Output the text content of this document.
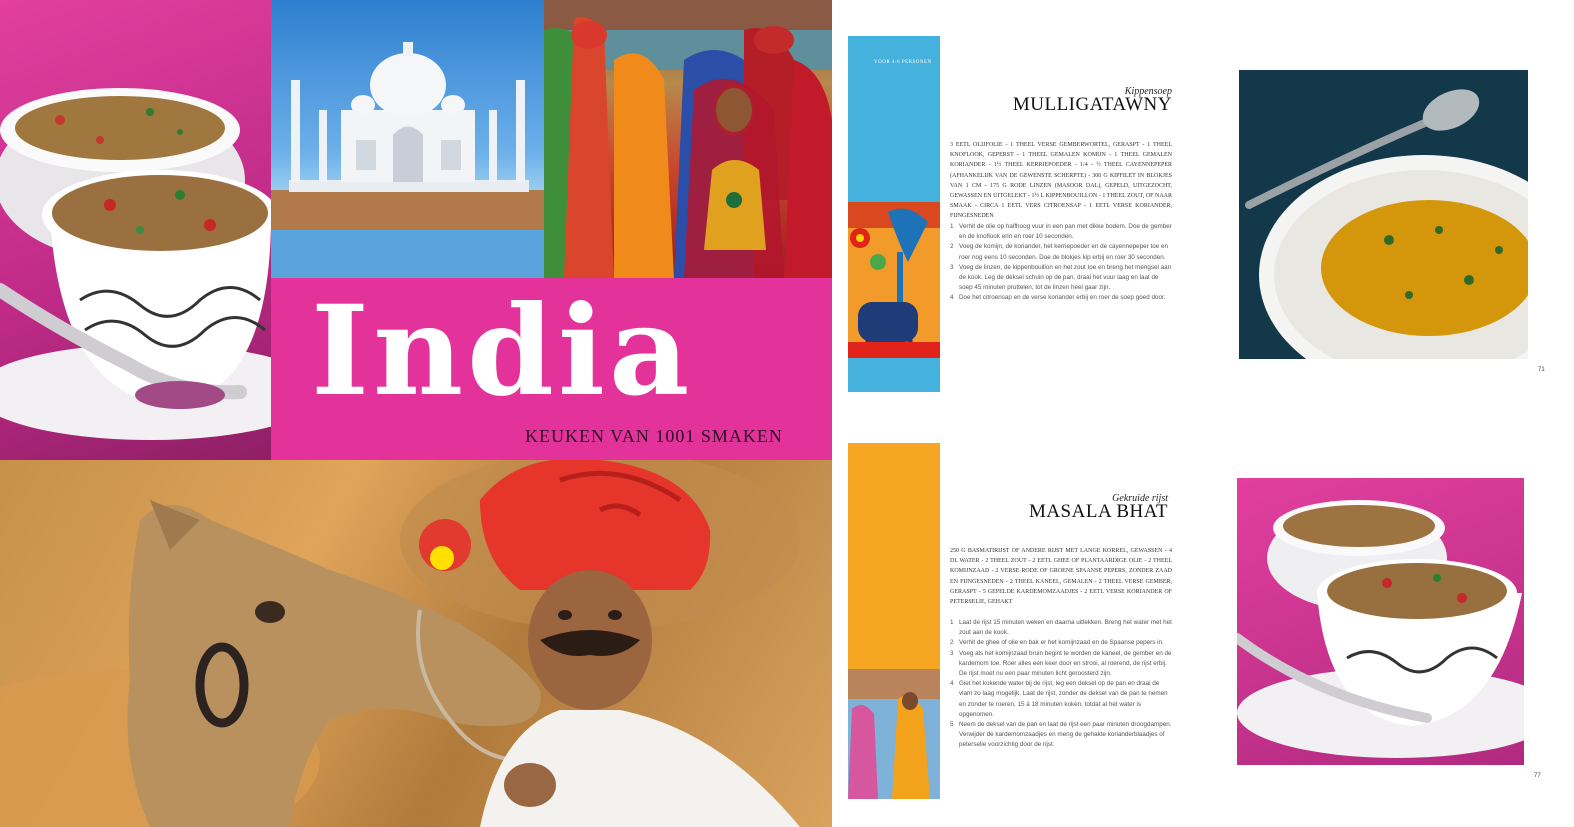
India
KEUKEN VAN 1001 SMAKEN
VOOR 4-6 PERSONEN
Kippensoep
MULLIGATAWNY
3 EETL OLIJFOLIE - 1 THEEL VERSE GEMBERWORTEL, GERASPT - 1 THEEL KNOFLOOK, GEPERST - 1 THEEL GEMALEN KOMIJN - 1 THEEL GEMALEN KORIANDER - 1½ THEEL KERRIEPOEDER - 1/4 - ½ THEEL CAYENNEPEPER (AFHANKELIJK VAN DE GEWENSTE SCHERPTE) - 300 G KIPFILET IN BLOKJES VAN 1 CM - 175 G RODE LINZEN (MASOOR DAL), GEPELD, UITGEZOCHT, GEWASSEN EN UITGELEKT - 1½ L KIPPENBOUILLON - 1 THEEL ZOUT, OF NAAR SMAAK - CIRCA 1 EETL VERS CITROENSAP - 1 EETL VERSE KORIANDER, FIJNGESNEDEN
1 Verhit de olie op halfhoog vuur in een pan met dikke bodem. Doe de gember en de knoflook erin en roer 10 seconden.
2 Voeg de komijn, de koriander, het kerriepoeder en de cayennepeper toe en roer nog eens 10 seconden. Doe de blokjes kip erbij en roer 30 seconden.
3 Voeg de linzen, de kippenbouillon en het zout toe en breng het mengsel aan de kook. Leg de deksel schuin op de pan, draai het vuur laag en laat de soep 45 minuten pruttelen, tot de linzen heel gaar zijn.
4 Doe het citroensap en de verse koriander erbij en roer de soep goed door.
71
Gekruide rijst
MASALA BHAT
250 G BASMATIRIJST OF ANDERE RIJST MET LANGE KORREL, GEWASSEN - 4 DL WATER - 2 THEEL ZOUT - 2 EETL GHEE OF PLANTAARDIGE OLIE - 2 THEEL KOMIJNZAAD - 2 VERSE RODE OF GROENE SPAANSE PEPERS, ZONDER ZAAD EN FIJNGESNEDEN - 2 THEEL KANEEL, GEMALEN - 2 THEEL VERSE GEMBER, GERASPT - 5 GEPELDE KARDEMOMZAADJES - 2 EETL VERSE KORIANDER OF PETERSELIE, GEHAKT
1 Laat de rijst 15 minuten weken en daarna uitlekken. Breng het water met het zout aan de kook.
2 Verhit de ghee of olie en bak er het komijnzaad en de Spaanse pepers in.
3 Voeg als het komijnzaad bruin begint te worden de kaneel, de gember en de kardemom toe. Roer alles een keer door en strooi, al roerend, de rijst erbij. De rijst moet nu een paar minuten licht geroosterd zijn.
4 Giet het kokende water bij de rijst, leg een deksel op de pan en draai de vlam zo laag mogelijk. Laat de rijst, zonder de deksel van de pan te nemen en zonder te roeren, 15 à 18 minuten koken, totdat al het water is opgenomen.
5 Neem de deksel van de pan en laat de rijst een paar minuten droogdampen. Verwijder de kardemomzaadjes en meng de gehakte korianderblaadjes of peterselie voorzichtig door de rijst.
77
